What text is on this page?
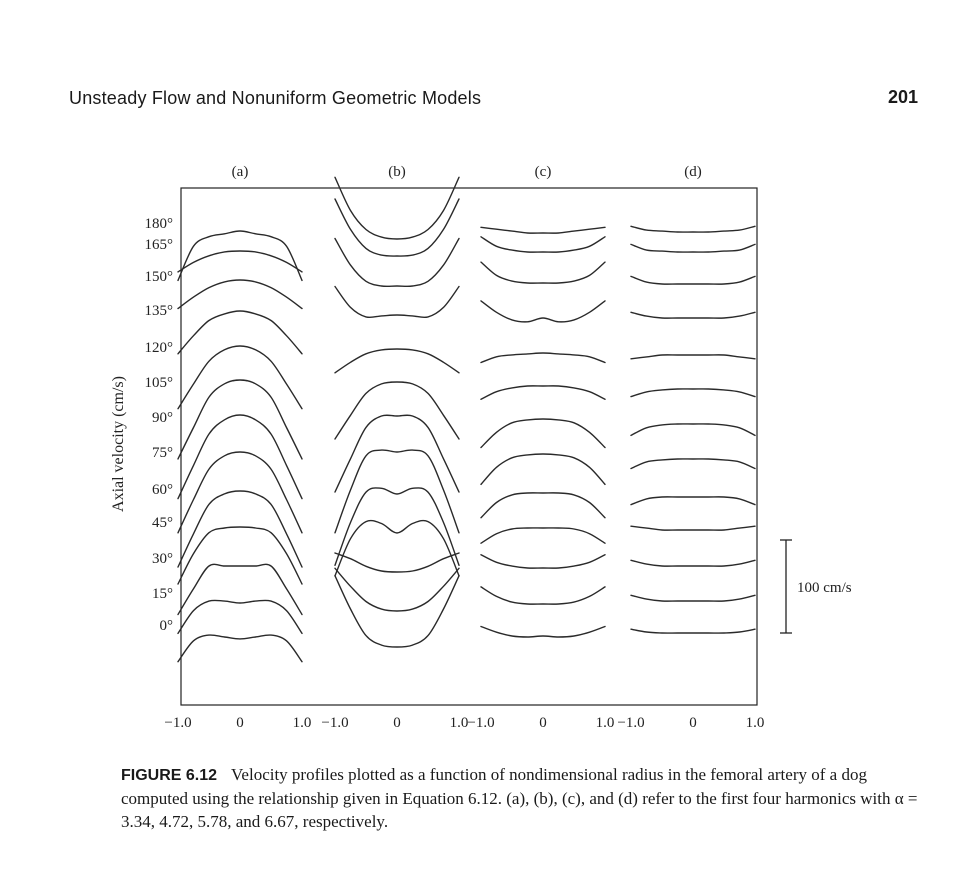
Unsteady Flow and Nonuniform Geometric Models	201
(a)	(b)	(c)	(d)
−1.0	0	1.0 −1.0	0	1.0 −1.0	0	1.0 −1.0	0	1.0
180°
165°
150°
135°
120°
105°
90°
75°
60°
45°
30°
15°
0°
Axial velocity (cm/s)
100 cm/s
FIGURE 6.12 Velocity profiles plotted as a function of nondimensional radius in the femoral artery of a dog computed using the relationship given in Equation 6.12. (a), (b), (c), and (d) refer to the first four harmonics with α = 3.34, 4.72, 5.78, and 6.67, respectively.
